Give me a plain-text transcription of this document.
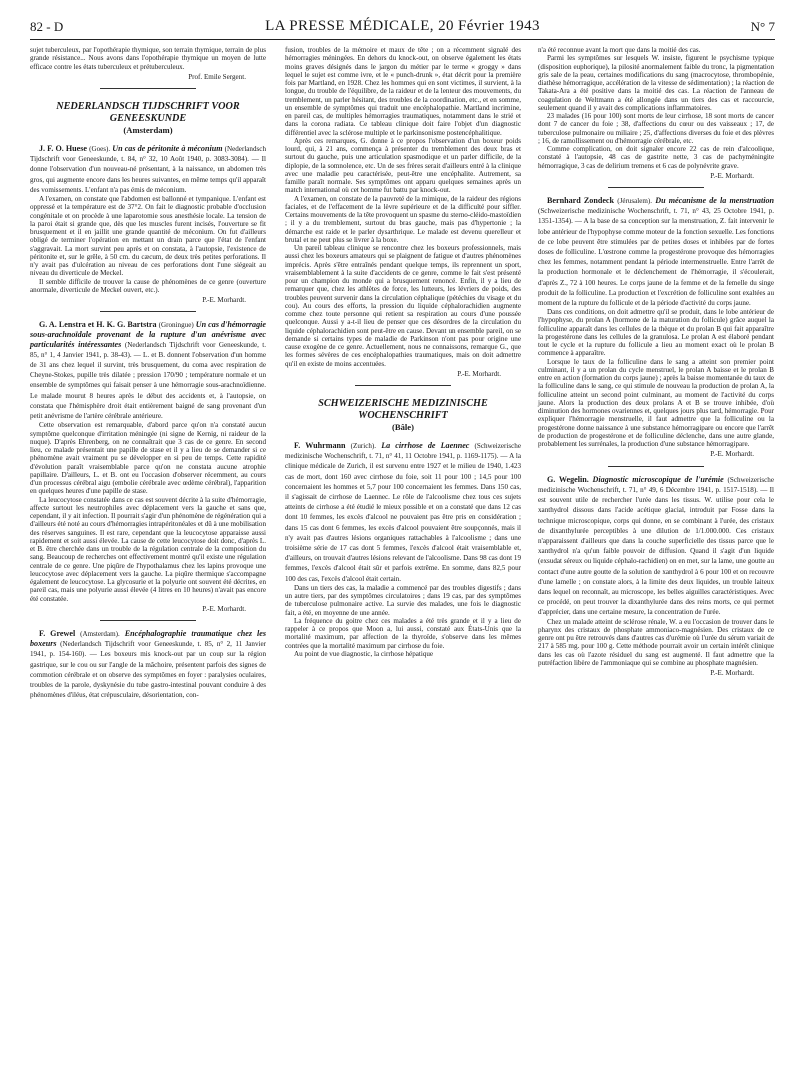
82 - D	LA PRESSE MÉDICALE, 20 Février 1943	N° 7

sujet tuberculeux, par l'opothérapie thymique, son terrain thymique, terrain de plus grande résistance... Nous avons dans l'opothérapie thymique un moyen de lutte efficace contre les états tuberculeux et prétuberculeux.

Prof. Emile Sergent.
NEDERLANDSCH TIJDSCHRIFT VOOR GENEESKUNDE
(Amsterdam)

J. F. O. Huese (Goes). Un cas de péritonite à méconium (Nederlandsch Tijdschrift voor Geneeskunde, t. 84, n° 32, 10 Août 1940, p. 3083-3084). — Il donne l'observation d'un nouveau-né présentant, à la naissance, un abdomen très gros, qui augmente encore dans les heures suivantes, en même temps qu'il apparaît des vomissements. L'enfant n'a pas émis de méconium.

A l'examen, on constate que l'abdomen est ballonné et tympanique. L'enfant est oppressé et la température est de 37°2. On fait le diagnostic probable d'occlusion congénitale et on procède à une laparotomie sous anesthésie locale. La tension de la paroi était si grande que, dès que les muscles furent incisés, l'ouverture se fit brusquement et il en jaillit une grande quantité de méconium. On fut d'ailleurs obligé de terminer l'opération en mettant un drain parce que l'état de l'enfant s'aggravait. La mort survint peu après et on constata, à l'autopsie, l'existence de péritonite et, sur le grêle, à 50 cm. du cæcum, de deux très petites perforations. Il n'y avait pas d'ulcération au niveau de ces perforations dont l'une siégeait au niveau du diverticule de Meckel.

Il semble difficile de trouver la cause de phénomènes de ce genre (ouverture anormale, diverticule de Meckel ouvert, etc.).

P.-E. Morhardt.

G. A. Lenstra et H. K. G. Bartstra (Groningue) Un cas d'hémorragie sous-arachnoïdale provenant de la rupture d'un anévrisme avec particularités intéressantes (Nederlandsch Tijdschrift voor Geneeskunde, t. 85, n° 1, 4 Janvier 1941, p. 38-43). — L. et B. donnent l'observation d'un homme de 31 ans chez lequel il survint, très brusquement, du coma avec respiration de Cheyne-Stokes, pupille très dilatée ; pression 170/90 ; température normale et un ensemble de symptômes qui faisait penser à une hémorragie sous-arachnoïdienne. Le malade mourut 8 heures après le début des accidents et, à l'autopsie, on constata que l'hémisphère droit était entièrement baigné de sang provenant d'un petit anévrisme de l'artère cérébrale antérieure.

Cette observation est remarquable, d'abord parce qu'on n'a constaté aucun symptôme quelconque d'irritation méningée (ni signe de Kernig, ni raideur de la nuque). D'après Ehrenberg, on ne connaîtrait que 3 cas de ce genre. En second lieu, ce malade présentait une papille de stase et il y a lieu de se demander si ce phénomène avait vraiment pu se développer en si peu de temps. Cette rapidité d'évolution paraît vraisemblable parce qu'on ne constata aucune atrophie papillaire. D'ailleurs, L. et B. ont eu l'occasion d'observer récemment, au cours d'un processus cérébral aigu (embolie cérébrale avec œdème cérébral), l'apparition en quelques heures d'une papille de stase.

La leucocytose constatée dans ce cas est souvent décrite à la suite d'hémorragie, affecte surtout les neutrophiles avec déplacement vers la gauche et sans que, cependant, il y ait infection. Il pourrait s'agir d'un phénomène de régénération qui a d'ailleurs été noté au cours d'hémorragies intrapéritonéales et dû à une mobilisation des réserves sanguines. Il est rare, cependant que la leucocytose apparaisse aussi rapidement et soit aussi élevée. La cause de cette leucocytose doit donc, d'après L. et B. être cherchée dans un trouble de la régulation centrale de la composition du sang. Beaucoup de recherches ont effectivement montré qu'il existe une régulation centrale de ce genre. Une piqûre de l'hypothalamus chez les lapins provoque une leucocytose avec déplacement vers la gauche. La piqûre thermique s'accompagne également de leucocytose. La glycosurie et la polyurie ont souvent été décrites, en pareil cas, mais une polyurie aussi élevée (4 litres en 10 heures) n'avait pas encore été constatée.

P.-E. Morhardt.

F. Grewel (Amsterdam). Encéphalographie traumatique chez les boxeurs (Nederlandsch Tijdschrift voor Geneeskunde, t. 85, n° 2, 11 Janvier 1941, p. 154-160). — Les boxeurs mis knock-out par un coup sur la région gastrique, sur le cou ou sur l'angle de la mâchoire, présentent parfois des signes de commotion cérébrale et on observe des symptômes en foyer : paralysies oculaires, troubles de la parole, dyskynésie du tube gastro-intestinal pouvant conduire à des phénomènes d'iléus, état crépusculaire, désorientation, con-

fusion, troubles de la mémoire et maux de tête ; on a récemment signalé des hémorragies méningées. En dehors du knock-out, on observe également les états moins graves désignés dans le jargon du métier par le terme « groggy » dans lequel le sujet est comme ivre, et le « punch-drunk », état décrit pour la première fois par Martland, en 1928. Chez les hommes qui en sont victimes, il survient, à la longue, du trouble de l'équilibre, de la raideur et de la lenteur des mouvements, du tremblement, un parler hésitant, des troubles de la coordination, etc., et en somme, un ensemble de symptômes qui traduit une encéphalopathie. Martland incrimine, en pareil cas, de multiples hémorragies traumatiques, notamment dans le strié et dans la corona radiata. Ce tableau clinique doit faire l'objet d'un diagnostic différentiel avec la sclérose multiple et le parkinsonisme postencéphalitique.

Après ces remarques, G. donne à ce propos l'observation d'un boxeur poids lourd, qui, à 21 ans, commença à présenter du tremblement des deux bras et surtout du gauche, puis une articulation spasmodique et un parler difficile, de la diplopie, de la somnolence, etc. Un de ses frères serait d'ailleurs entré à la clinique avec une maladie peu caractérisée, peut-être une encéphalite. Autrement, sa famille paraît normale. Ses symptômes ont apparu quelques semaines après un match international où cet homme fut battu par knock-out.

A l'examen, on constate de la pauvreté de la mimique, de la raideur des régions faciales, et de l'effacement de la lèvre supérieure et de la difficulté pour siffler. Certains mouvements de la tête provoquent un spasme du sterno-cléido-mastoïdien ; il y a du tremblement, surtout du bras gauche, mais pas d'hypertonie ; la démarche est raide et le parler dysarthrique. Le malade est devenu querelleur et brutal et ne peut plus se livrer à la boxe.

Un pareil tableau clinique se rencontre chez les boxeurs professionnels, mais aussi chez les boxeurs amateurs qui se plaignent de fatigue et d'autres phénomènes imprécis. Après s'être entraînés pendant quelque temps, ils reprennent un sport, vraisemblablement à la suite d'accidents de ce genre, comme le fait s'est présenté pour un champion du monde qui a brusquement renoncé. Enfin, il y a lieu de remarquer que, chez les athlètes de force, les lutteurs, les lévriers de poids, des troubles peuvent survenir dans la circulation céphalique (pétéchies du visage et du cou). Au cours des efforts, la pression du liquide céphalorachidien augmente comme chez toute personne qui retient sa respiration au cours d'une poussée quelconque. Aussi y a-t-il lieu de penser que ces désordres de la circulation du liquide céphalorachidien sont peut-être en cause. Devant un ensemble pareil, on se demande si certains types de maladie de Parkinson n'ont pas pour origine une cause exogène de ce genre. Actuellement, nous ne connaissons, remarque G., que les formes sévères de ces encéphalopathies traumatiques, mais on doit admettre qu'il en existe de moins accentuées.

P.-E. Morhardt.
SCHWEIZERISCHE MEDIZINISCHE WOCHENSCHRIFT
(Bâle)

F. Wuhrmann (Zurich). La cirrhose de Laennec (Schweizerische medizinische Wochenschrift, t. 71, n° 41, 11 Octobre 1941, p. 1169-1175). — A la clinique médicale de Zurich, il est survenu entre 1927 et le milieu de 1940, 1.423 cas de mort, dont 160 avec cirrhose du foie, soit 11 pour 100 ; 14,5 pour 100 concernaient les hommes et 5,7 pour 100 concernaient les femmes. Dans 150 cas, il s'agissait de cirrhose de Laennec. Le rôle de l'alcoolisme chez tous ces sujets atteints de cirrhose a été étudié le mieux possible et on a constaté que dans 12 cas dont 10 femmes, les excès d'alcool ne pouvaient pas être pris en considération ; dans 15 cas dont 6 femmes, les excès d'alcool pouvaient être soupçonnés, mais il n'y avait pas d'autres lésions organiques rattachables à l'alcoolisme ; dans une troisième série de 17 cas dont 5 femmes, l'excès d'alcool était vraisemblable et, d'ailleurs, on trouvait d'autres lésions relevant de l'alcoolisme. Dans 98 cas dont 19 femmes, l'excès d'alcool était sûr et parfois extrême. En somme, dans 82,5 pour 100 des cas, l'excès d'alcool était certain.

Dans un tiers des cas, la maladie a commencé par des troubles digestifs ; dans un autre tiers, par des symptômes circulatoires ; dans 19 cas, par des symptômes de tuberculose pulmonaire active. La survie des malades, une fois le diagnostic fait, a été, en moyenne de une année.

La fréquence du goitre chez ces malades a été très grande et il y a lieu de rappeler à ce propos que Moon a, lui aussi, constaté aux États-Unis que la mortalité maximum, par affection de la thyroïde, s'observe dans les mêmes contrées que la mortalité maximum par cirrhose du foie.

Au point de vue diagnostic, la cirrhose hépatique

n'a été reconnue avant la mort que dans la moitié des cas.

Parmi les symptômes sur lesquels W. insiste, figurent le psychisme typique (disposition euphorique), la pilosité anormalement faible du tronc, la pigmentation gris sale de la peau, certaines modifications du sang (macrocytose, thrombopénie, diathèse hémorragique, accélération de la vitesse de sédimentation) ; la réaction de Takata-Ara a été positive dans la moitié des cas. La réaction de l'anneau de coagulation de Weltmann a été allongée dans un tiers des cas et raccourcie, seulement quand il y avait des complications inflammatoires.

23 malades (16 pour 100) sont morts de leur cirrhose, 18 sont morts de cancer dont 7 de cancer du foie ; 38, d'affections du cœur ou des vaisseaux ; 17, de tuberculose pulmonaire ou miliaire ; 25, d'affections diverses du foie et des plèvres ; 16, de ramollissement ou d'hémorragie cérébrale, etc.

Comme complication, on doit signaler encore 22 cas de rein d'alcoolique, constaté à l'autopsie, 48 cas de gastrite nette, 3 cas de pachyméningite hémorragique, 3 cas de delirium tremens et 6 cas de polynévrite grave.

P.-E. Morhardt.

Bernhard Zondeck (Jérusalem). Du mécanisme de la menstruation (Schweizerische medizinische Wochenschrift, t. 71, n° 43, 25 Octobre 1941, p. 1351-1354). — A la base de sa conception sur la menstruation, Z. fait intervenir le lobe antérieur de l'hypophyse comme moteur de la fonction sexuelle. Les fonctions de ce lobe peuvent être stimulées par de petites doses et inhibées par de fortes doses de folliculine. L'œstrone comme la progestérone provoque des hémorragies chez les femmes, notamment pendant la période intermenstruelle. Entre l'arrêt de la production hormonale et le déclenchement de l'hémorragie, il s'écoulerait, d'après Z., 72 à 100 heures. Le corps jaune de la femme et de la femelle du singe produit de la folliculine. La production et l'excrétion de folliculine sont exaltées au moment de la rupture du follicule et de la période d'activité du corps jaune.

Dans ces conditions, on doit admettre qu'il se produit, dans le lobe antérieur de l'hypophyse, du prolan A (hormone de la maturation du follicule) grâce auquel la folliculine apparaît dans les cellules de la thèque et du prolan B qui fait apparaître la progestérone dans les cellules de la granulosa. Le prolan A est élaboré pendant tout le cycle et la rupture du follicule a lieu au moment exact où le prolan B commence à apparaître.

Lorsque le taux de la folliculine dans le sang a atteint son premier point culminant, il y a un prolan du cycle menstruel, le prolan A baisse et le prolan B entre en action (formation du corps jaune) ; après la baisse momentanée du taux de la folliculine dans le sang, ce qui stimule de nouveau la production de prolan A, la folliculine atteint un second point culminant, au moment de l'activité du corps jaune. Alors la production des deux prolans A et B se trouve inhibée, d'où diminution des hormones ovariennes et, quelques jours plus tard, hémorragie. Pour expliquer l'hémorragie menstruelle, il faut admettre que la folliculine ou la progestérone donne naissance à une substance hémorragipare ou encore que l'arrêt de production de progestérone et de folliculine déclenche, dans une autre glande, probablement les surrénales, la production d'une substance hémorragipare.

P.-E. Morhardt.

G. Wegelin. Diagnostic microscopique de l'urémie (Schweizerische medizinische Wochenschrift, t. 71, n° 49, 6 Décembre 1941, p. 1517-1518). — Il est souvent utile de rechercher l'urée dans les tissus. W. utilise pour cela le xanthydrol dissous dans l'acide acétique glacial, introduit par Fosse dans la technique microscopique, corps qui donne, en se combinant à l'urée, des cristaux de dixanthylurée perceptibles à une dilution de 1/1.000.000. Ces cristaux n'apparaissent d'ailleurs que dans la couche superficielle des tissus parce que le xanthydrol n'a qu'un faible pouvoir de diffusion. Quand il s'agit d'un liquide (exsudat séreux ou liquide céphalo-rachidien) on en met, sur la lame, une goutte au contact d'une autre goutte de la solution de xanthydrol à 6 pour 100 et on recouvre d'une lamelle ; on constate alors, à la limite des deux liquides, un trouble laiteux dans lequel on reconnaît, au microscope, les belles aiguilles caractéristiques. Avec ce procédé, on peut trouver la dixanthylurée dans des reins morts, ce qui permet d'apprécier, dans une certaine mesure, la concentration de l'urée.

Chez un malade atteint de sclérose rénale, W. a eu l'occasion de trouver dans le pharynx des cristaux de phosphate ammoniaco-magnésien. Des cristaux de ce genre ont pu être retrouvés dans d'autres cas d'urémie où l'urée du sérum variait de 217 à 585 mg. pour 100 g. Cette méthode pourrait avoir un certain intérêt clinique dans les cas où l'azote résiduel du sang est augmenté. Il faut admettre que la putréfaction libère de l'ammoniaque qui se combine au phosphate magnésien.

P.-E. Morhardt.
